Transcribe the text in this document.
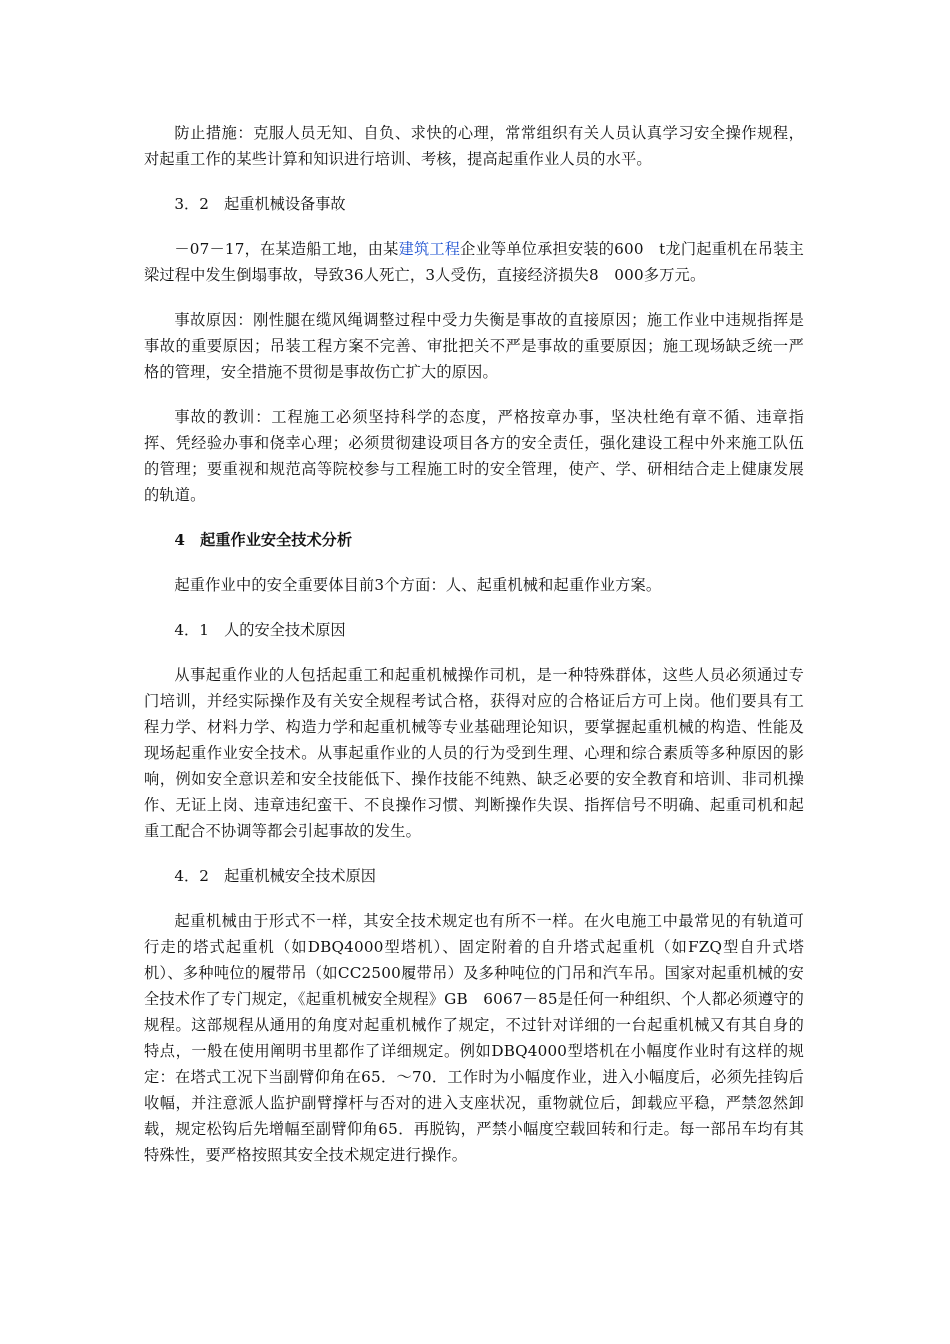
防止措施：克服人员无知、自负、求快的心理，常常组织有关人员认真学习安全操作规程，对起重工作的某些计算和知识进行培训、考核，提高起重作业人员的水平。

3．2　起重机械设备事故

－07－17，在某造船工地，由某建筑工程企业等单位承担安装的600　t龙门起重机在吊装主梁过程中发生倒塌事故，导致36人死亡，3人受伤，直接经济损失8　000多万元。

事故原因：刚性腿在缆风绳调整过程中受力失衡是事故的直接原因；施工作业中违规指挥是事故的重要原因；吊装工程方案不完善、审批把关不严是事故的重要原因；施工现场缺乏统一严格的管理，安全措施不贯彻是事故伤亡扩大的原因。

事故的教训：工程施工必须坚持科学的态度，严格按章办事，坚决杜绝有章不循、违章指挥、凭经验办事和侥幸心理；必须贯彻建设项目各方的安全责任，强化建设工程中外来施工队伍的管理；要重视和规范高等院校参与工程施工时的安全管理，使产、学、研相结合走上健康发展的轨道。

4　起重作业安全技术分析

起重作业中的安全重要体目前3个方面：人、起重机械和起重作业方案。

4．1　人的安全技术原因

从事起重作业的人包括起重工和起重机械操作司机，是一种特殊群体，这些人员必须通过专门培训，并经实际操作及有关安全规程考试合格，获得对应的合格证后方可上岗。他们要具有工程力学、材料力学、构造力学和起重机械等专业基础理论知识，要掌握起重机械的构造、性能及现场起重作业安全技术。从事起重作业的人员的行为受到生理、心理和综合素质等多种原因的影响，例如安全意识差和安全技能低下、操作技能不纯熟、缺乏必要的安全教育和培训、非司机操作、无证上岗、违章违纪蛮干、不良操作习惯、判断操作失误、指挥信号不明确、起重司机和起重工配合不协调等都会引起事故的发生。

4．2　起重机械安全技术原因

起重机械由于形式不一样，其安全技术规定也有所不一样。在火电施工中最常见的有轨道可行走的塔式起重机（如DBQ4000型塔机）、固定附着的自升塔式起重机（如FZQ型自升式塔机）、多种吨位的履带吊（如CC2500履带吊）及多种吨位的门吊和汽车吊。国家对起重机械的安全技术作了专门规定，《起重机械安全规程》GB　6067－85是任何一种组织、个人都必须遵守的规程。这部规程从通用的角度对起重机械作了规定，不过针对详细的一台起重机械又有其自身的特点，一般在使用阐明书里都作了详细规定。例如DBQ4000型塔机在小幅度作业时有这样的规定：在塔式工况下当副臂仰角在65．～70．工作时为小幅度作业，进入小幅度后，必须先挂钩后收幅，并注意派人监护副臂撑杆与否对的进入支座状况，重物就位后，卸载应平稳，严禁忽然卸载，规定松钩后先增幅至副臂仰角65．再脱钩，严禁小幅度空载回转和行走。每一部吊车均有其特殊性，要严格按照其安全技术规定进行操作。
